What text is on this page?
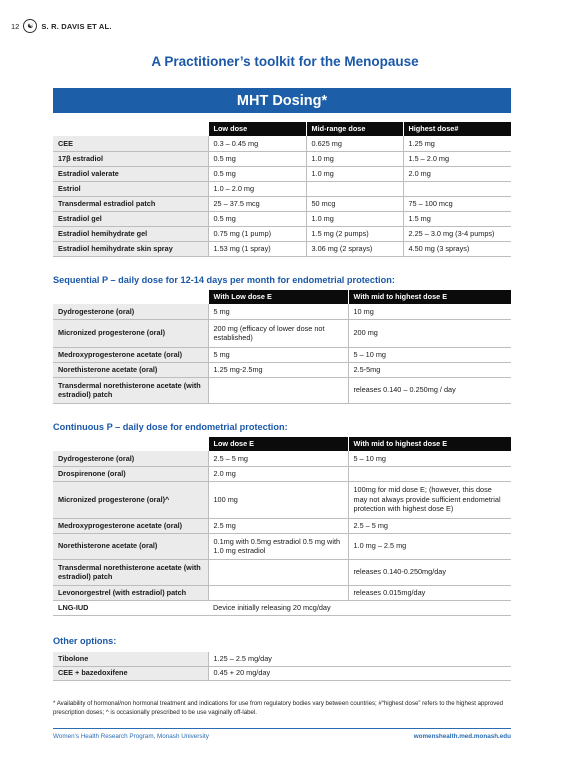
12	☯	S. R. DAVIS ET AL.
A Practitioner’s toolkit for the Menopause
MHT Dosing*
	Low dose	Mid-range dose	Highest dose#
CEE	0.3 – 0.45 mg	0.625 mg	1.25 mg
17β estradiol	0.5 mg	1.0 mg	1.5 – 2.0 mg
Estradiol valerate	0.5 mg	1.0 mg	2.0 mg
Estriol	1.0 – 2.0 mg		
Transdermal estradiol patch	25 – 37.5 mcg	50 mcg	75 – 100 mcg
Estradiol gel	0.5 mg	1.0 mg	1.5 mg
Estradiol hemihydrate gel	0.75 mg (1 pump)	1.5 mg (2 pumps)	2.25 – 3.0 mg (3-4 pumps)
Estradiol hemihydrate skin spray	1.53 mg (1 spray)	3.06 mg (2 sprays)	4.50 mg (3 sprays)
Sequential P – daily dose for 12-14 days per month for endometrial protection:
	With Low dose E	With mid to highest dose E
Dydrogesterone (oral)	5 mg	10 mg
Micronized progesterone (oral)	200 mg (efficacy of lower dose not established)	200 mg
Medroxyprogesterone acetate (oral)	5 mg	5 – 10 mg
Norethisterone acetate (oral)	1.25 mg-2.5mg	2.5-5mg
Transdermal norethisterone acetate (with estradiol) patch		releases 0.140 – 0.250mg / day
Continuous P – daily dose for endometrial protection:
	Low dose E	With mid to highest dose E
Dydrogesterone (oral)	2.5 – 5 mg	5 – 10 mg
Drospirenone (oral)	2.0 mg	
Micronized progesterone (oral)^	100 mg	100mg for mid dose E; (however, this dose may not always provide sufficient endometrial protection with highest dose E)
Medroxyprogesterone acetate (oral)	2.5 mg	2.5 – 5 mg
Norethisterone acetate (oral)	0.1mg with 0.5mg estradiol 0.5 mg with 1.0 mg estradiol	1.0 mg – 2.5 mg
Transdermal norethisterone acetate (with estradiol) patch		releases 0.140-0.250mg/day
Levonorgestrel (with estradiol) patch		releases 0.015mg/day
LNG-IUD	Device initially releasing 20 mcg/day	
Other options:
Tibolone	1.25 – 2.5 mg/day
CEE + bazedoxifene	0.45 + 20 mg/day
* Availability of hormonal/non hormonal treatment and indications for use from regulatory bodies vary between countries; #“highest dose” refers to the highest approved prescription doses; ^ is occasionally prescribed to be use vaginally off-label.
Women’s Health Research Program, Monash University	womenshealth.med.monash.edu
